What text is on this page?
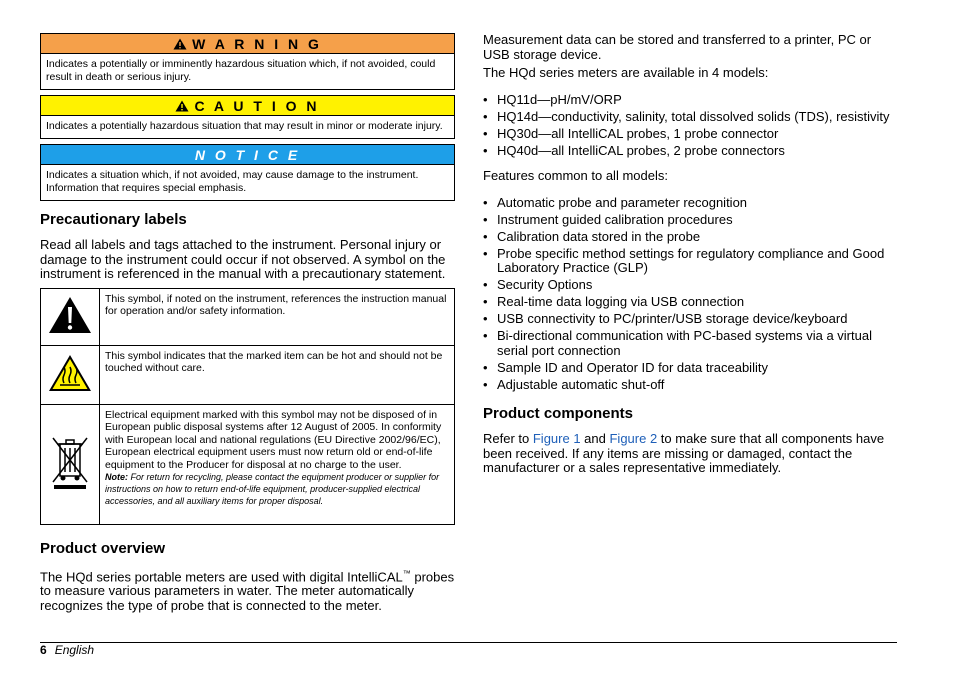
W A R N I N G
Indicates a potentially or imminently hazardous situation which, if not avoided, could result in death or serious injury.
C A U T I O N
Indicates a potentially hazardous situation that may result in minor or moderate injury.
N O T I C E
Indicates a situation which, if not avoided, may cause damage to the instrument. Information that requires special emphasis.
Precautionary labels

Read all labels and tags attached to the instrument. Personal injury or damage to the instrument could occur if not observed. A symbol on the instrument is referenced in the manual with a precautionary statement.

	This symbol, if noted on the instrument, references the instruction manual for operation and/or safety information.
	This symbol indicates that the marked item can be hot and should not be touched without care.

Electrical equipment marked with this symbol may not be disposed of in European public disposal systems after 12 August of 2005. In conformity with European local and national regulations (EU Directive 2002/96/EC), European electrical equipment users must now return old or end-of-life equipment to the Producer for disposal at no charge to the user.
Note: For return for recycling, please contact the equipment producer or supplier for instructions on how to return end-of-life equipment, producer-supplied electrical accessories, and all auxiliary items for proper disposal.
Product overview

The HQd series portable meters are used with digital IntelliCAL™ probes to measure various parameters in water. The meter automatically recognizes the type of probe that is connected to the meter.

Measurement data can be stored and transferred to a printer, PC or USB storage device.

The HQd series meters are available in 4 models:

• HQ11d—pH/mV/ORP
• HQ14d—conductivity, salinity, total dissolved solids (TDS), resistivity
• HQ30d—all IntelliCAL probes, 1 probe connector
• HQ40d—all IntelliCAL probes, 2 probe connectors

Features common to all models:

• Automatic probe and parameter recognition
• Instrument guided calibration procedures
• Calibration data stored in the probe
• Probe specific method settings for regulatory compliance and Good Laboratory Practice (GLP)
• Security Options
• Real-time data logging via USB connection
• USB connectivity to PC/printer/USB storage device/keyboard
• Bi-directional communication with PC-based systems via a virtual serial port connection
• Sample ID and Operator ID for data traceability
• Adjustable automatic shut-off
Product components

Refer to Figure 1 and Figure 2 to make sure that all components have been received. If any items are missing or damaged, contact the manufacturer or a sales representative immediately.

6 English
